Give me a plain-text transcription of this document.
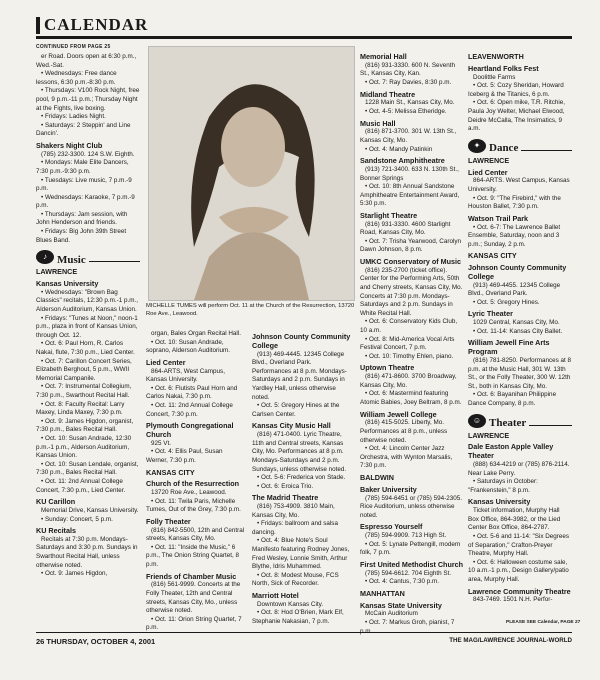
CALENDAR
CONTINUED FROM PAGE 25

er Road. Doors open at 6:30 p.m., Wed.-Sat.

• Wednesdays: Free dance lessons, 6:30 p.m.-8:30 p.m.

• Thursdays: V100 Rock Night, free pool, 9 p.m.-11 p.m.; Thursday Night at the Fights, live boxing.

• Fridays: Ladies Night.

• Saturdays: 2 Steppin' and Line Dancin'.

Shakers Night Club

(785) 232-3300. 124 S.W. Eighth.

• Mondays: Male Elite Dancers, 7:30 p.m.-9:30 p.m.

• Tuesdays: Live music, 7 p.m.-9 p.m.

• Wednesdays: Karaoke, 7 p.m.-9 p.m.

• Thursdays: Jam session, with John Henderson and friends.

• Fridays: Big John 39th Street Blues Band.

♪ Music

LAWRENCE

Kansas University

• Wednesdays: "Brown Bag Classics" recitals, 12:30 p.m.-1 p.m., Alderson Auditorium, Kansas Union.

• Fridays: "Tunes at Noon," noon-1 p.m., plaza in front of Kansas Union, through Oct. 12.

• Oct. 6: Paul Horn, R. Carlos Nakai, flute, 7:30 p.m., Lied Center.

• Oct. 7: Carillon Concert Series, Elizabeth Berghout, 5 p.m., WWII Memorial Campanile.

• Oct. 7: Instrumental Collegium, 7:30 p.m., Swarthout Recital Hall.

• Oct. 8: Faculty Recital: Larry Maxey, Linda Maxey, 7:30 p.m.

• Oct. 9: James Higdon, organist, 7:30 p.m., Bales Recital Hall.

• Oct. 10: Susan Andrade, 12:30 p.m.-1 p.m., Alderson Auditorium, Kansas Union.

• Oct. 10: Susan Lendale, organist, 7:30 p.m., Bales Recital Hall.

• Oct. 11: 2nd Annual College Concert, 7:30 p.m., Lied Center.

KU Carillon

Memorial Drive, Kansas University.

• Sunday: Concert, 5 p.m.

KU Recitals

Recitals at 7:30 p.m. Mondays-Saturdays and 3:30 p.m. Sundays in Swarthout Recital Hall, unless otherwise noted.

• Oct. 9: James Higdon,

MICHELLE TUMES will perform Oct. 11 at the Church of the Resurrection, 13720 Roe Ave., Leawood.

organ, Bales Organ Recital Hall.

• Oct. 10: Susan Andrade, soprano, Alderson Auditorium.

Lied Center

864-ARTS, West Campus, Kansas University.

• Oct. 6: Flutists Paul Horn and Carlos Nakai, 7:30 p.m.

• Oct. 11: 2nd Annual College Concert, 7:30 p.m.

Plymouth Congregational Church

925 Vt.

• Oct. 4: Ellis Paul, Susan Werner, 7:30 p.m.

KANSAS CITY

Church of the Resurrection

13720 Roe Ave., Leawood.

• Oct. 11: Twila Paris, Michelle Tumes, Out of the Grey, 7:30 p.m.

Folly Theater

(816) 842-5500, 12th and Central streets, Kansas City, Mo.

• Oct. 11: "Inside the Music," 6 p.m., The Onion String Quartet, 8 p.m.

Friends of Chamber Music

(816) 561-9999. Concerts at the Folly Theater, 12th and Central streets, Kansas City, Mo., unless otherwise noted.

• Oct. 11: Orion String Quartet, 7 p.m.

Johnson County Community College

(913) 469-4445. 12345 College Blvd., Overland Park. Performances at 8 p.m. Mondays-Saturdays and 2 p.m. Sundays in Yardley Hall, unless otherwise noted.

• Oct. 5: Gregory Hines at the Carlsen Center.

Kansas City Music Hall

(816) 471-0400. Lyric Theatre, 11th and Central streets, Kansas City, Mo. Performances at 8 p.m. Mondays-Saturdays and 2 p.m. Sundays, unless otherwise noted.

• Oct. 5-6: Frederica von Stade.

• Oct. 6: Eroica Trio.

The Madrid Theatre

(816) 753-4909. 3810 Main, Kansas City, Mo.

• Fridays: ballroom and salsa dancing.

• Oct. 4: Blue Note's Soul Manifesto featuring Rodney Jones, Fred Wesley, Lonnie Smith, Arthur Blythe, Idris Muhammed.

• Oct. 8: Modest Mouse, FCS North, Sick of Recorder.

Marriott Hotel

Downtown Kansas City.

• Oct. 8: Hod O'Brien, Mark Elf, Stephanie Nakasian, 7 p.m.

Memorial Hall

(816) 931-3330. 600 N. Seventh St., Kansas City, Kan.

• Oct. 7: Ray Davies, 8:30 p.m.

Midland Theatre

1228 Main St., Kansas City, Mo.

• Oct. 4-5: Melissa Etheridge.

Music Hall

(816) 871-3700. 301 W. 13th St., Kansas City, Mo.

• Oct. 4: Mandy Patinkin

Sandstone Amphitheatre

(913) 721-3400. 633 N. 130th St., Bonner Springs

• Oct. 10: 8th Annual Sandstone Amphitheatre Entertainment Award, 5:30 p.m.

Starlight Theatre

(816) 931-3330. 4600 Starlight Road, Kansas City, Mo.

• Oct. 7: Trisha Yearwood, Carolyn Dawn Johnson, 8 p.m.

UMKC Conservatory of Music

(816) 235-2700 (ticket office). Center for the Performing Arts, 50th and Cherry streets, Kansas City, Mo. Concerts at 7:30 p.m. Mondays-Saturdays and 2 p.m. Sundays in White Recital Hall.

• Oct. 6: Conservatory Kids Club, 10 a.m.

• Oct. 8: Mid-America Vocal Arts Festival Concert, 7 p.m.

• Oct. 10: Timothy Ehlen, piano.

Uptown Theatre

(816) 471-8600. 3700 Broadway, Kansas City, Mo.

• Oct. 6: Mastermind featuring Atomic Babies, Joey Beltram, 8 p.m.

William Jewell College

(816) 415-5025. Liberty, Mo. Performances at 8 p.m., unless otherwise noted.

• Oct. 4: Lincoln Center Jazz Orchestra, with Wynton Marsalis, 7:30 p.m.

BALDWIN

Baker University

(785) 594-6451 or (785) 594-2305. Rice Auditorium, unless otherwise noted.

Espresso Yourself

(785) 594-9909. 713 High St.

• Oct. 5: Lynate Pettengill, modern folk, 7 p.m.

First United Methodist Church

(785) 594-6612. 704 Eighth St.

• Oct. 4: Cantus, 7:30 p.m.

MANHATTAN

Kansas State University

McCain Auditorium

• Oct. 7: Markus Groh, pianist, 7 p.m.

LEAVENWORTH

Heartland Folks Fest

Doolittle Farms

• Oct. 5: Cozy Sheridan, Howard Iceberg & the Titanics, 6 p.m.

• Oct. 6: Open mike, T.R. Ritchie, Paula Joy Welter, Michael Elwood, Deidre McCalla, The Insimatics, 9 a.m.

✦ Dance

LAWRENCE

Lied Center

864-ARTS. West Campus, Kansas University.

• Oct. 9: "The Firebird," with the Houston Ballet, 7:30 p.m.

Watson Trail Park

• Oct. 6-7: The Lawrence Ballet Ensemble, Saturday, noon and 3 p.m.; Sunday, 2 p.m.

KANSAS CITY

Johnson County Community College

(913) 469-4455. 12345 College Blvd., Overland Park.

• Oct. 5: Gregory Hines.

Lyric Theater

1029 Central, Kansas City, Mo.

• Oct. 11-14: Kansas City Ballet.

William Jewell Fine Arts Program

(816) 781-8250. Performances at 8 p.m. at the Music Hall, 301 W. 13th St., or the Folly Theater, 300 W. 12th St., both in Kansas City, Mo.

• Oct. 6: Bayanihan Philippine Dance Company, 8 p.m.

☺ Theater

LAWRENCE

Dale Easton Apple Valley Theater

(888) 634-4219 or (785) 876-2114. Near Lake Perry.

• Saturdays in October: "Frankenstein," 8 p.m.

Kansas University

Ticket information, Murphy Hall Box Office, 864-3982, or the Lied Center Box Office, 864-2787.

• Oct. 5-6 and 11-14: "Six Degrees of Separation," Crafton-Preyer Theatre, Murphy Hall.

• Oct. 6: Halloween costume sale, 10 a.m.-1 p.m., Design Gallery/patio area, Murphy Hall.

Lawrence Community Theatre

843-7469. 1501 N.H. Perfor-

PLEASE SEE Calendar, PAGE 27
26 THURSDAY, OCTOBER 4, 2001	THE MAG/LAWRENCE JOURNAL-WORLD
